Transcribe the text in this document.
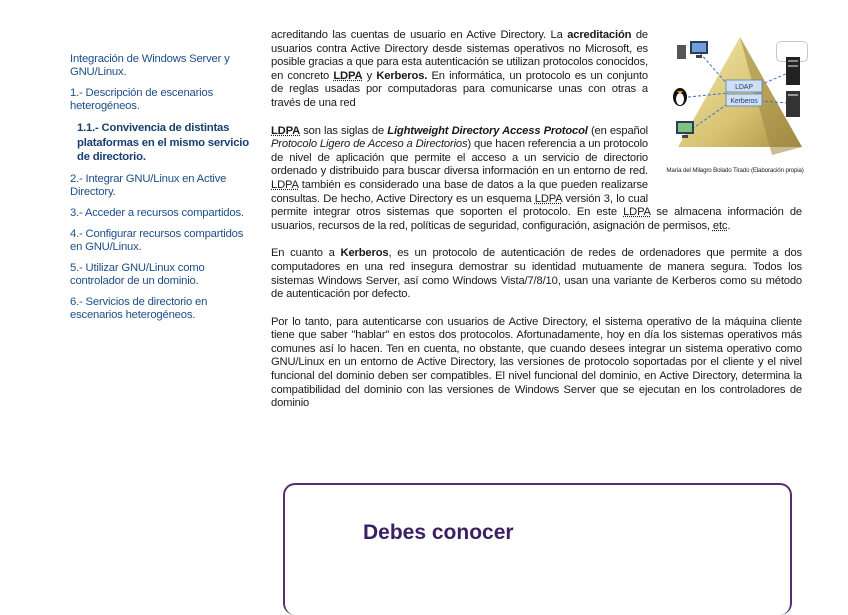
Integración de Windows Server y GNU/Linux.
1.- Descripción de escenarios heterogéneos.
1.1.- Convivencia de distintas plataformas en el mismo servicio de directorio.
2.- Integrar GNU/Linux en Active Directory.
3.- Acceder a recursos compartidos.
4.- Configurar recursos compartidos en GNU/Linux.
5.- Utilizar GNU/Linux como controlador de un dominio.
6.- Servicios de directorio en escenarios heterogéneos.
LDAP
Kerberos
María del Milagro Bolado Tirado (Elaboración propia)

acreditando las cuentas de usuario en Active Directory. La acreditación de usuarios contra Active Directory desde sistemas operativos no Microsoft, es posible gracias a que para esta autenticación se utilizan protocolos conocidos, en concreto LDPA y Kerberos. En informática, un protocolo es un conjunto de reglas usadas por computadoras para comunicarse unas con otras a través de una red

LDPA son las siglas de Lightweight Directory Access Protocol (en español Protocolo Ligero de Acceso a Directorios) que hacen referencia a un protocolo de nivel de aplicación que permite el acceso a un servicio de directorio ordenado y distribuido para buscar diversa información en un entorno de red. LDPA también es considerado una base de datos a la que pueden realizarse consultas. De hecho, Active Directory es un esquema LDPA versión 3, lo cual permite integrar otros sistemas que soporten el protocolo. En este LDPA se almacena información de usuarios, recursos de la red, políticas de seguridad, configuración, asignación de permisos, etc.

En cuanto a Kerberos, es un protocolo de autenticación de redes de ordenadores que permite a dos computadores en una red insegura demostrar su identidad mutuamente de manera segura. Todos los sistemas Windows Server, así como Windows Vista/7/8/10, usan una variante de Kerberos como su método de autenticación por defecto.

Por lo tanto, para autenticarse con usuarios de Active Directory, el sistema operativo de la máquina cliente tiene que saber "hablar" en estos dos protocolos. Afortunadamente, hoy en día los sistemas operativos más comunes así lo hacen. Ten en cuenta, no obstante, que cuando desees integrar un sistema operativo como GNU/Linux en un entorno de Active Directory, las versiones de protocolo soportadas por el cliente y el nivel funcional del dominio deben ser compatibles. El nivel funcional del dominio, en Active Directory, determina la compatibilidad del dominio con las versiones de Windows Server que se ejecutan en los controladores de dominio

Debes conocer
